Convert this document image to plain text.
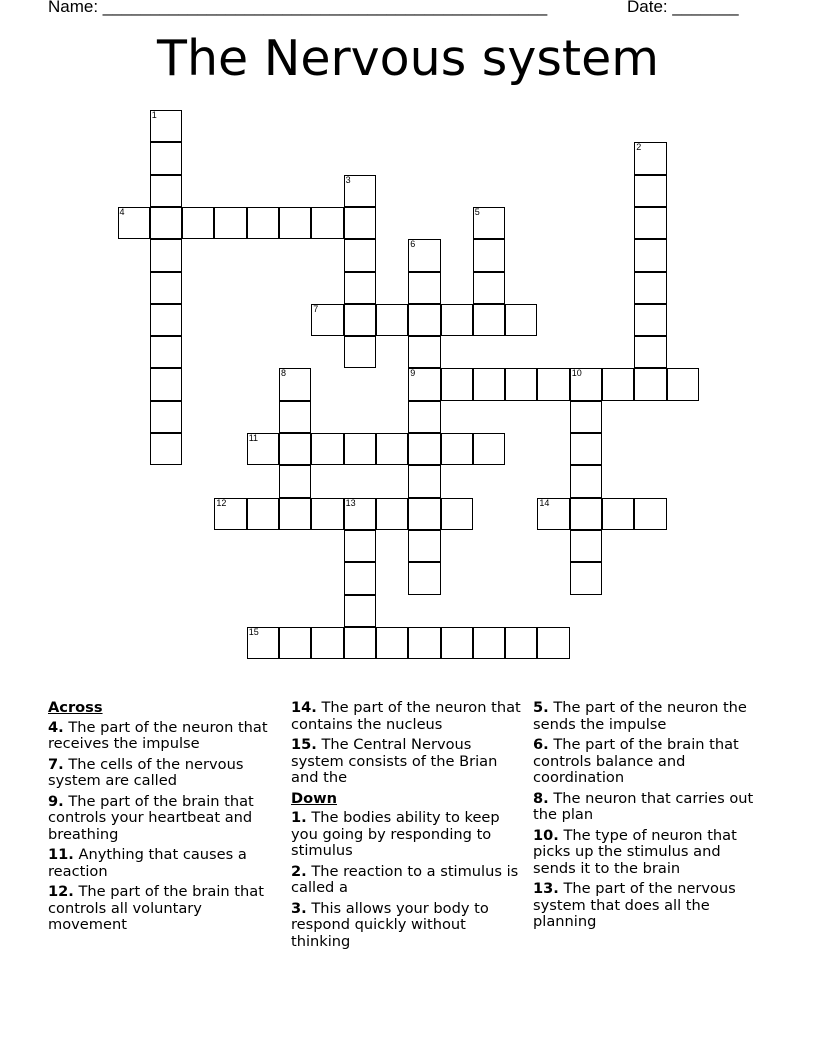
Name: _______________________________________________	Date: _______
The Nervous system
1
2
3
4	5
6
9
7
8	10
11
12	13	14
15
Across
4. The part of the neuron that receives the impulse
7. The cells of the nervous system are called
9. The part of the brain that controls your heartbeat and breathing
11. Anything that causes a reaction
12. The part of the brain that controls all voluntary movement
14. The part of the neuron that contains the nucleus
15. The Central Nervous system consists of the Brian and the
Down
1. The bodies ability to keep you going by responding to stimulus
2. The reaction to a stimulus is called a
3. This allows your body to respond quickly without thinking
5. The part of the neuron the sends the impulse
6. The part of the brain that controls balance and coordination
8. The neuron that carries out the plan
10. The type of neuron that picks up the stimulus and sends it to the brain
13. The part of the nervous system that does all the planning
